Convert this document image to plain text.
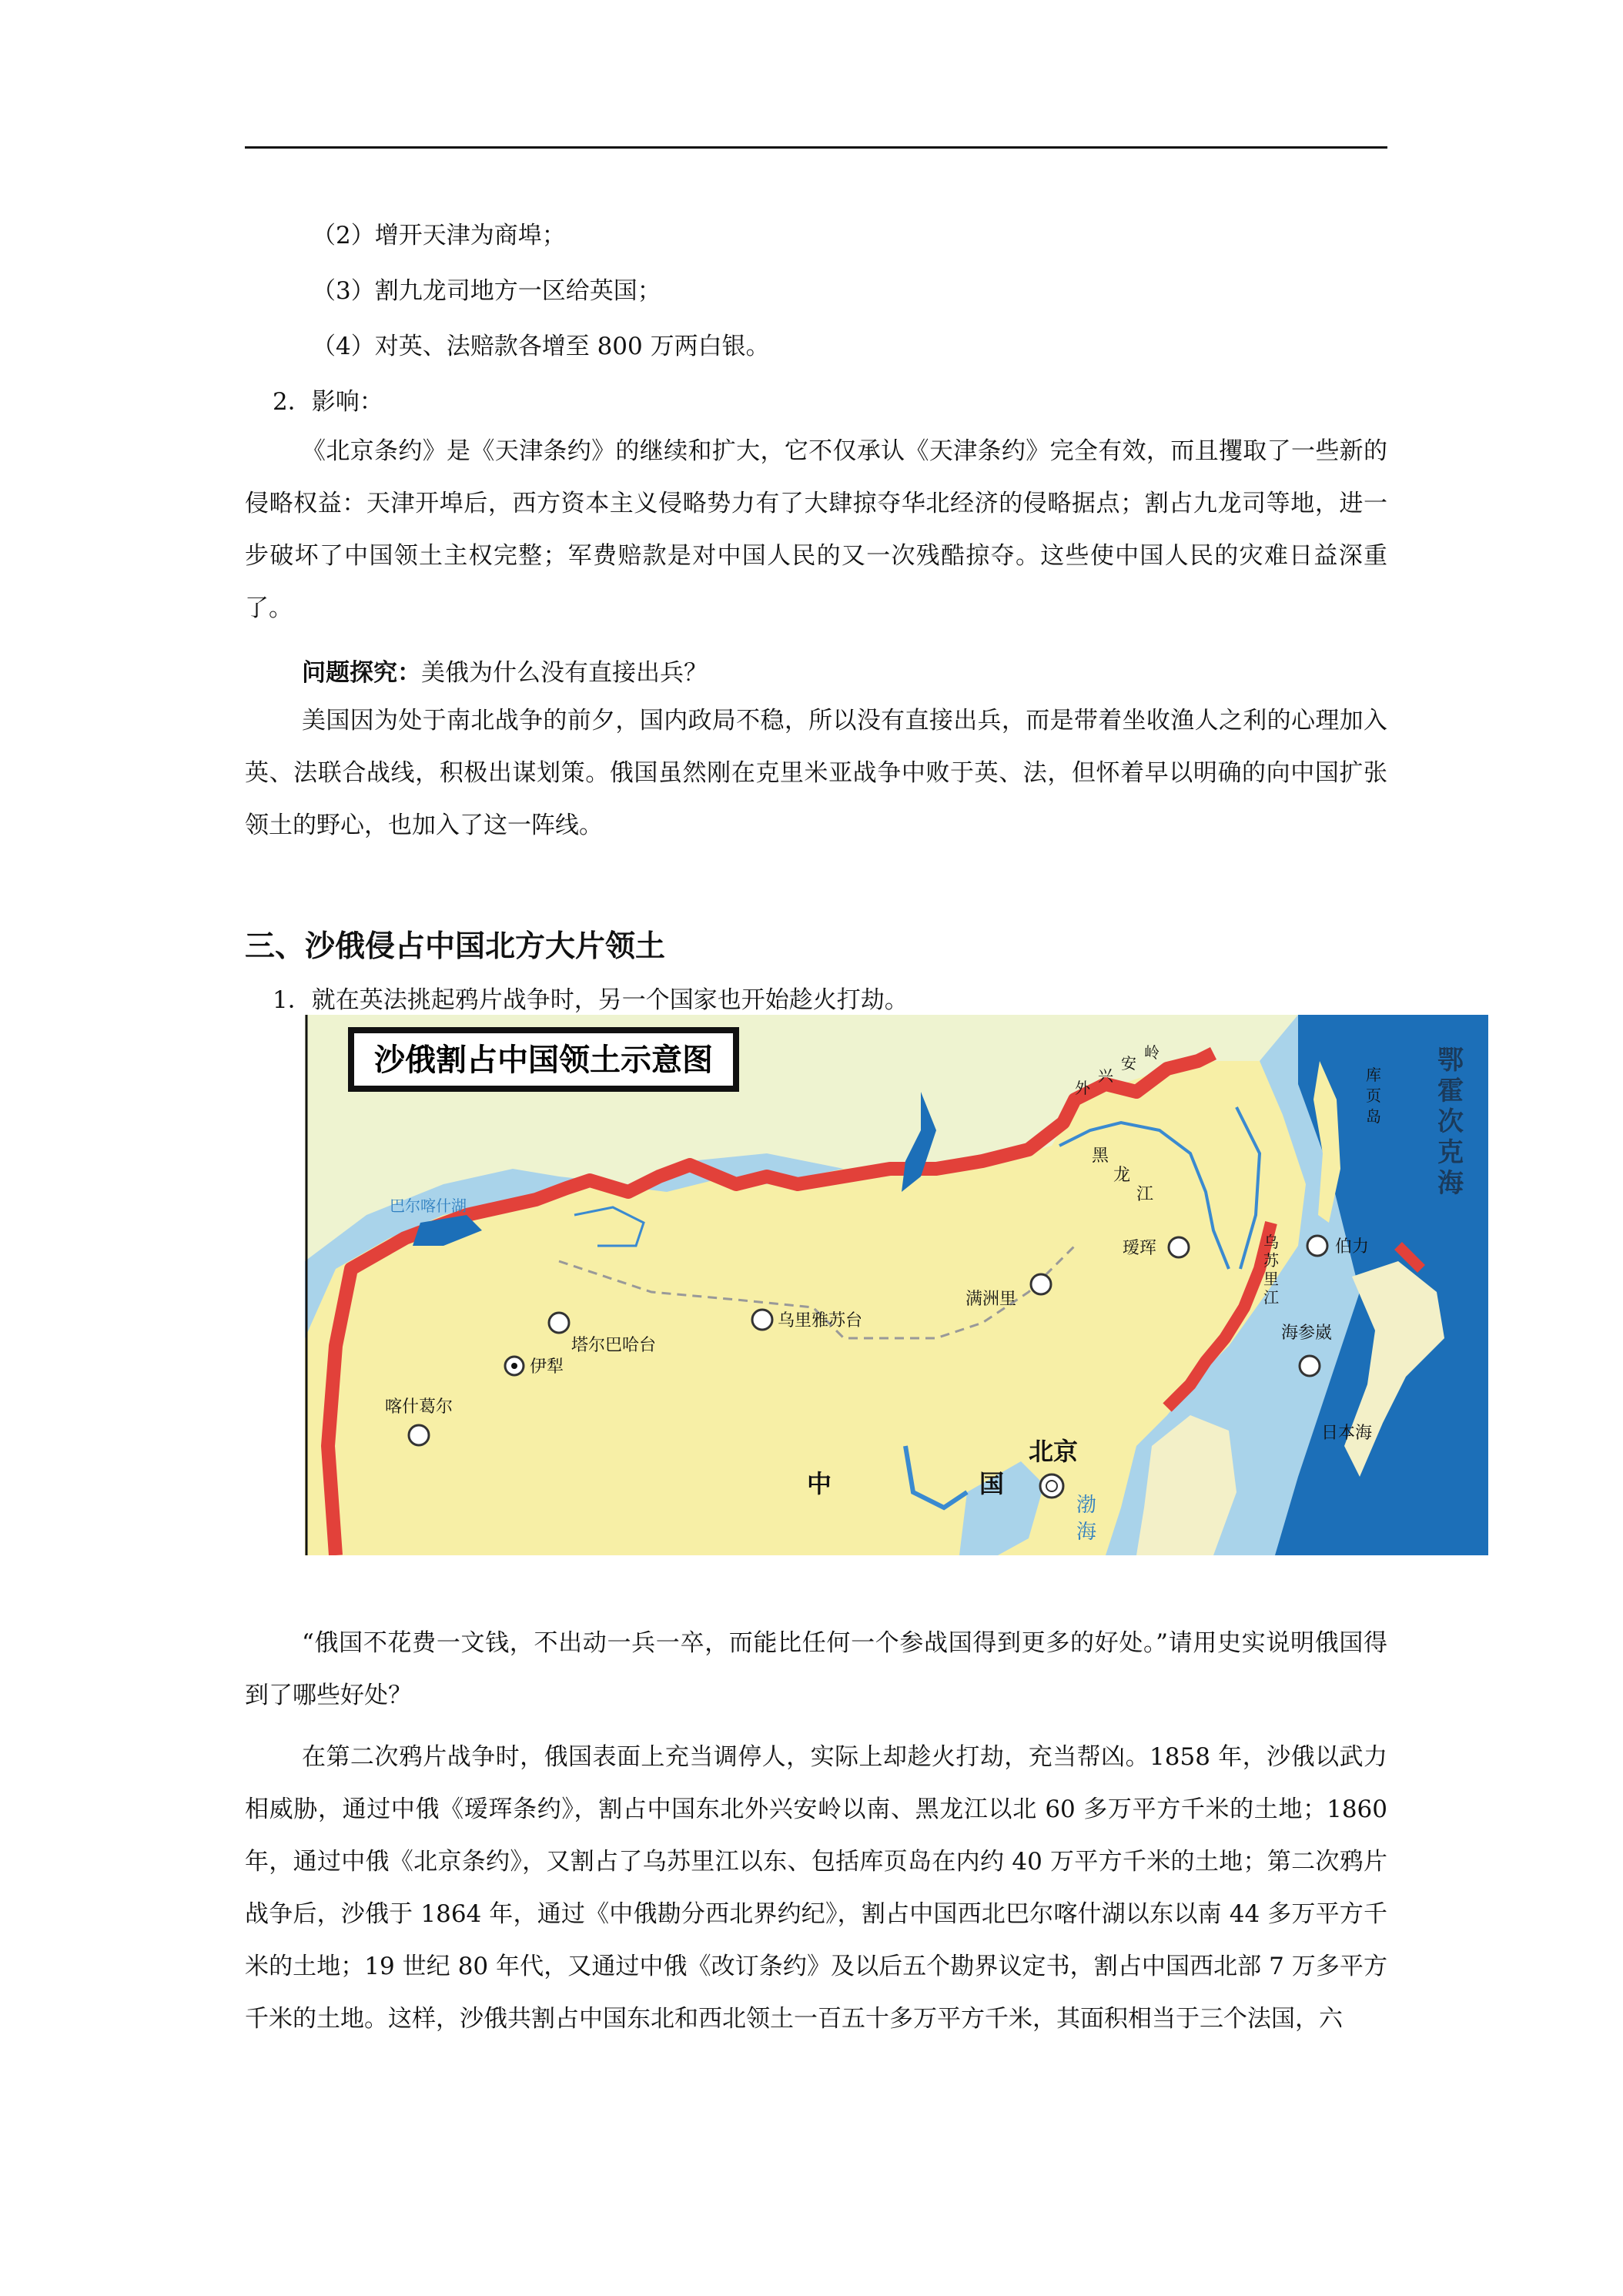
（2）增开天津为商埠；
（3）割九龙司地方一区给英国；
（4）对英、法赔款各增至 800 万两白银。
2．影响：

《北京条约》是《天津条约》的继续和扩大，它不仅承认《天津条约》完全有效，而且攫取了一些新的侵略权益：天津开埠后，西方资本主义侵略势力有了大肆掠夺华北经济的侵略据点；割占九龙司等地，进一步破坏了中国领土主权完整；军费赔款是对中国人民的又一次残酷掠夺。这些使中国人民的灾难日益深重了。

问题探究：美俄为什么没有直接出兵？

美国因为处于南北战争的前夕，国内政局不稳，所以没有直接出兵，而是带着坐收渔人之利的心理加入英、法联合战线，积极出谋划策。俄国虽然刚在克里米亚战争中败于英、法，但怀着早以明确的向中国扩张领土的野心，也加入了这一阵线。

三、沙俄侵占中国北方大片领土
1．就在英法挑起鸦片战争时，另一个国家也开始趁火打劫。
沙俄割占中国领土示意图	鄂
霍
次
克
海
日本海
外
兴
安
岭
黑
龙
江
乌
苏
里
江
库
页
岛
巴尔喀什湖
瑷珲	伯力
海参崴
满洲里
乌里雅苏台
塔尔巴哈台
伊犁
喀什葛尔
北京
中	国
渤
海

“俄国不花费一文钱，不出动一兵一卒，而能比任何一个参战国得到更多的好处。”请用史实说明俄国得到了哪些好处？

在第二次鸦片战争时，俄国表面上充当调停人，实际上却趁火打劫，充当帮凶。1858 年，沙俄以武力相威胁，通过中俄《瑷珲条约》，割占中国东北外兴安岭以南、黑龙江以北 60 多万平方千米的土地；1860 年，通过中俄《北京条约》，又割占了乌苏里江以东、包括库页岛在内约 40 万平方千米的土地；第二次鸦片战争后，沙俄于 1864 年，通过《中俄勘分西北界约纪》，割占中国西北巴尔喀什湖以东以南 44 多万平方千米的土地；19 世纪 80 年代，又通过中俄《改订条约》及以后五个勘界议定书，割占中国西北部 7 万多平方千米的土地。这样，沙俄共割占中国东北和西北领土一百五十多万平方千米，其面积相当于三个法国，六
